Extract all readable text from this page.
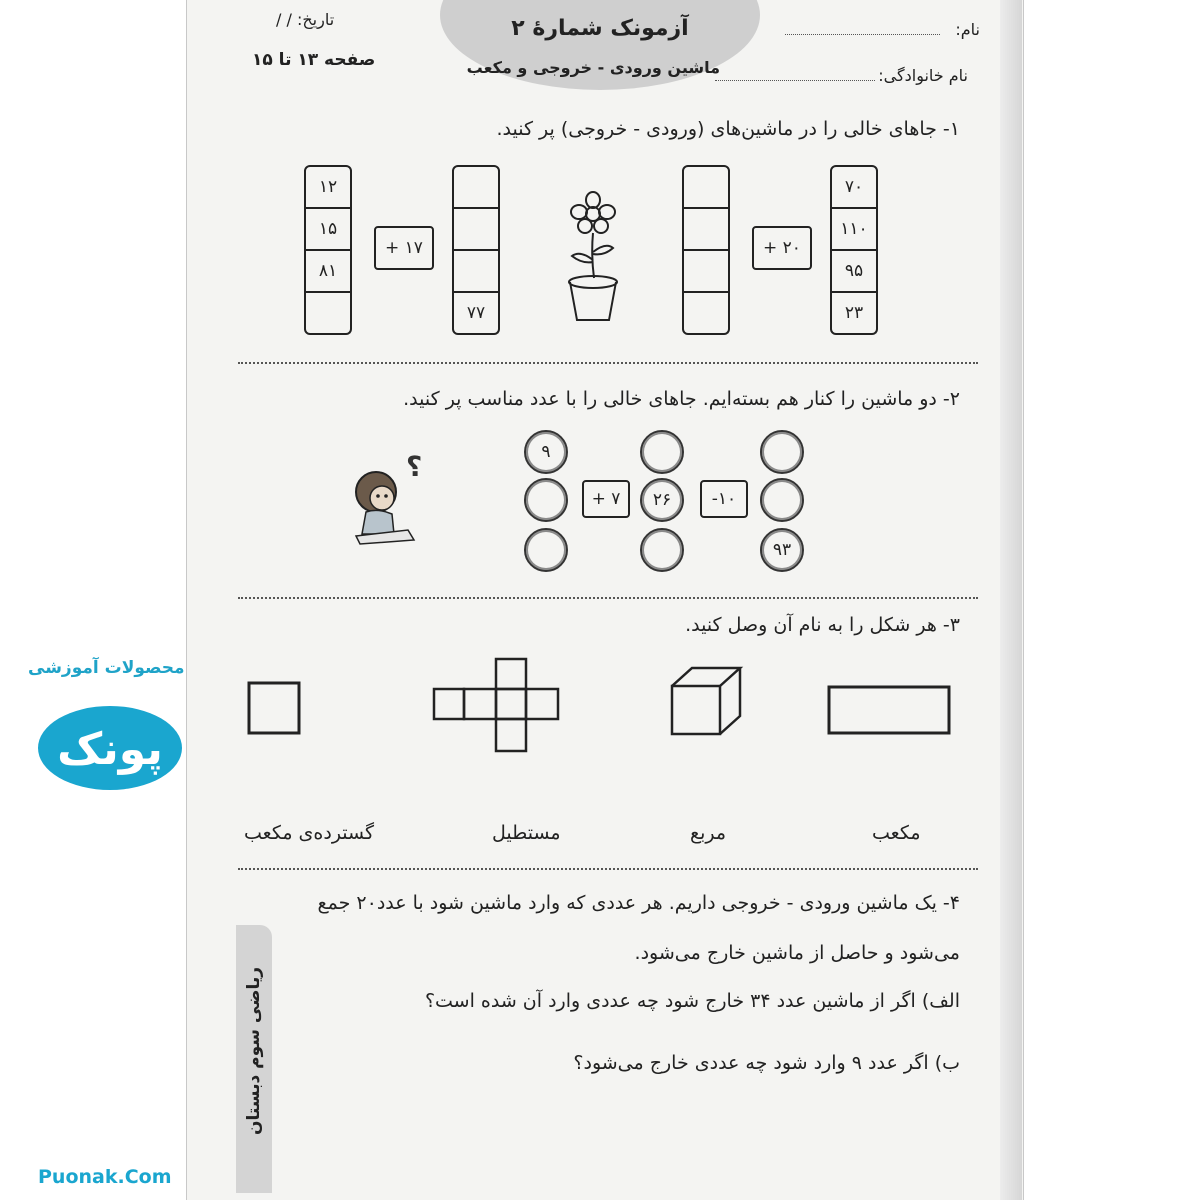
آزمونک شمارهٔ ۲
ماشین ورودی - خروجی و مکعب
نام:
نام خانوادگی:
تاریخ: / /
صفحه ۱۳ تا ۱۵
۱- جاهای خالی را در ماشین‌های (ورودی - خروجی) پر کنید.
۱۲
۱۵
۸۱
+ ۱۷
۷۷
+ ۲۰
۷۰
۱۱۰
۹۵
۲۳
۲- دو ماشین را کنار هم بسته‌ایم. جاهای خالی را با عدد مناسب پر کنید.
؟	۹
+ ۷	۲۶	-۱۰
۹۳
۳- هر شکل را به نام آن وصل کنید.
مکعب
مربع
مستطیل
گسترده‌ی مکعب
۴- یک ماشین ورودی - خروجی داریم. هر عددی که وارد ماشین شود با عدد۲۰ جمع
می‌شود و حاصل از ماشین خارج می‌شود.
الف) اگر از ماشین عدد ۳۴ خارج شود چه عددی وارد آن شده است؟
ب) اگر عدد ۹ وارد شود چه عددی خارج می‌شود؟
ریاضی سوم دبستان
محصولات آموزشی
پونک
Puonak.Com
